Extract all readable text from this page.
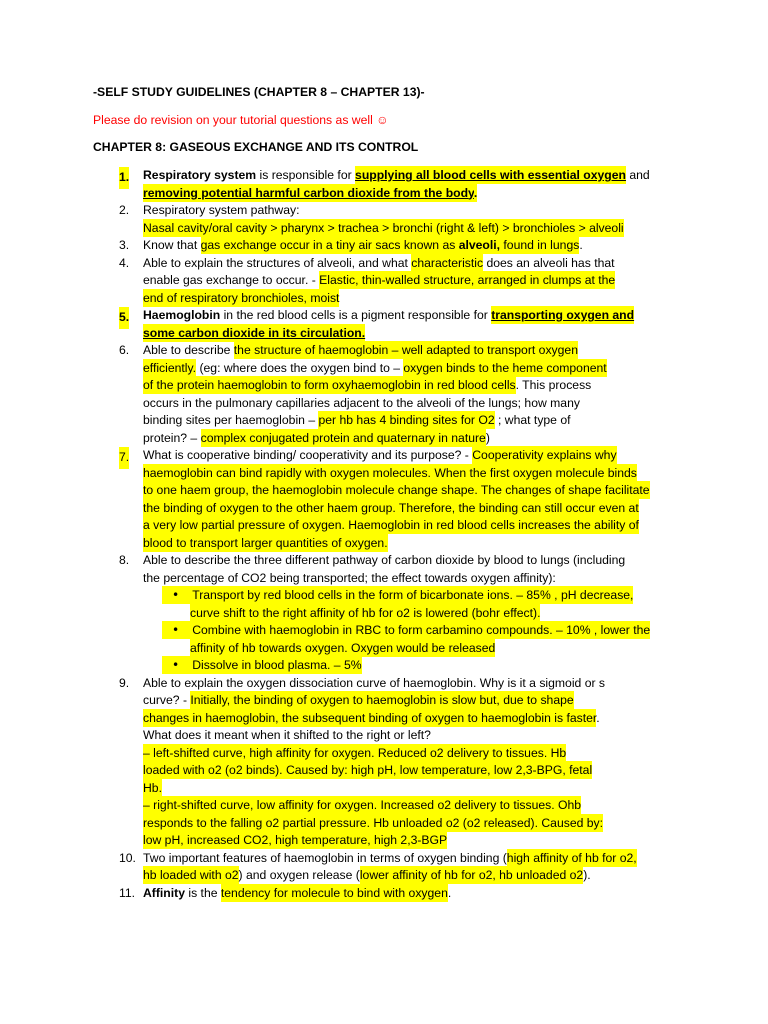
-SELF STUDY GUIDELINES (CHAPTER 8 – CHAPTER 13)-
Please do revision on your tutorial questions as well ☺
CHAPTER 8: GASEOUS EXCHANGE AND ITS CONTROL
1. Respiratory system is responsible for supplying all blood cells with essential oxygen and
removing potential harmful carbon dioxide from the body.
2. Respiratory system pathway:
Nasal cavity/oral cavity > pharynx > trachea > bronchi (right & left) > bronchioles > alveoli
3. Know that gas exchange occur in a tiny air sacs known as alveoli, found in lungs.
4. Able to explain the structures of alveoli, and what characteristic does an alveoli has that
enable gas exchange to occur. - Elastic, thin-walled structure, arranged in clumps at the
end of respiratory bronchioles, moist
5. Haemoglobin in the red blood cells is a pigment responsible for transporting oxygen and
some carbon dioxide in its circulation.
6. Able to describe the structure of haemoglobin – well adapted to transport oxygen
efficiently. (eg: where does the oxygen bind to – oxygen binds to the heme component
of the protein haemoglobin to form oxyhaemoglobin in red blood cells. This process
occurs in the pulmonary capillaries adjacent to the alveoli of the lungs; how many
binding sites per haemoglobin – per hb has 4 binding sites for O2 ; what type of
protein? – complex conjugated protein and quaternary in nature)
7. What is cooperative binding/ cooperativity and its purpose? - Cooperativity explains why
haemoglobin can bind rapidly with oxygen molecules. When the first oxygen molecule binds
to one haem group, the haemoglobin molecule change shape. The changes of shape facilitate
the binding of oxygen to the other haem group. Therefore, the binding can still occur even at
a very low partial pressure of oxygen. Haemoglobin in red blood cells increases the ability of
blood to transport larger quantities of oxygen.
8. Able to describe the three different pathway of carbon dioxide by blood to lungs (including
the percentage of CO2 being transported; the effect towards oxygen affinity):
• Transport by red blood cells in the form of bicarbonate ions. – 85% , pH decrease,
curve shift to the right affinity of hb for o2 is lowered (bohr effect).
• Combine with haemoglobin in RBC to form carbamino compounds. – 10% , lower the
affinity of hb towards oxygen. Oxygen would be released
• Dissolve in blood plasma. – 5%
9. Able to explain the oxygen dissociation curve of haemoglobin. Why is it a sigmoid or s
curve? - Initially, the binding of oxygen to haemoglobin is slow but, due to shape
changes in haemoglobin, the subsequent binding of oxygen to haemoglobin is faster.
What does it meant when it shifted to the right or left?
– left-shifted curve, high affinity for oxygen. Reduced o2 delivery to tissues. Hb
loaded with o2 (o2 binds). Caused by: high pH, low temperature, low 2,3-BPG, fetal
Hb.
– right-shifted curve, low affinity for oxygen. Increased o2 delivery to tissues. Ohb
responds to the falling o2 partial pressure. Hb unloaded o2 (o2 released). Caused by:
low pH, increased CO2, high temperature, high 2,3-BGP
10. Two important features of haemoglobin in terms of oxygen binding (high affinity of hb for o2,
hb loaded with o2) and oxygen release (lower affinity of hb for o2, hb unloaded o2).
11. Affinity is the tendency for molecule to bind with oxygen.
